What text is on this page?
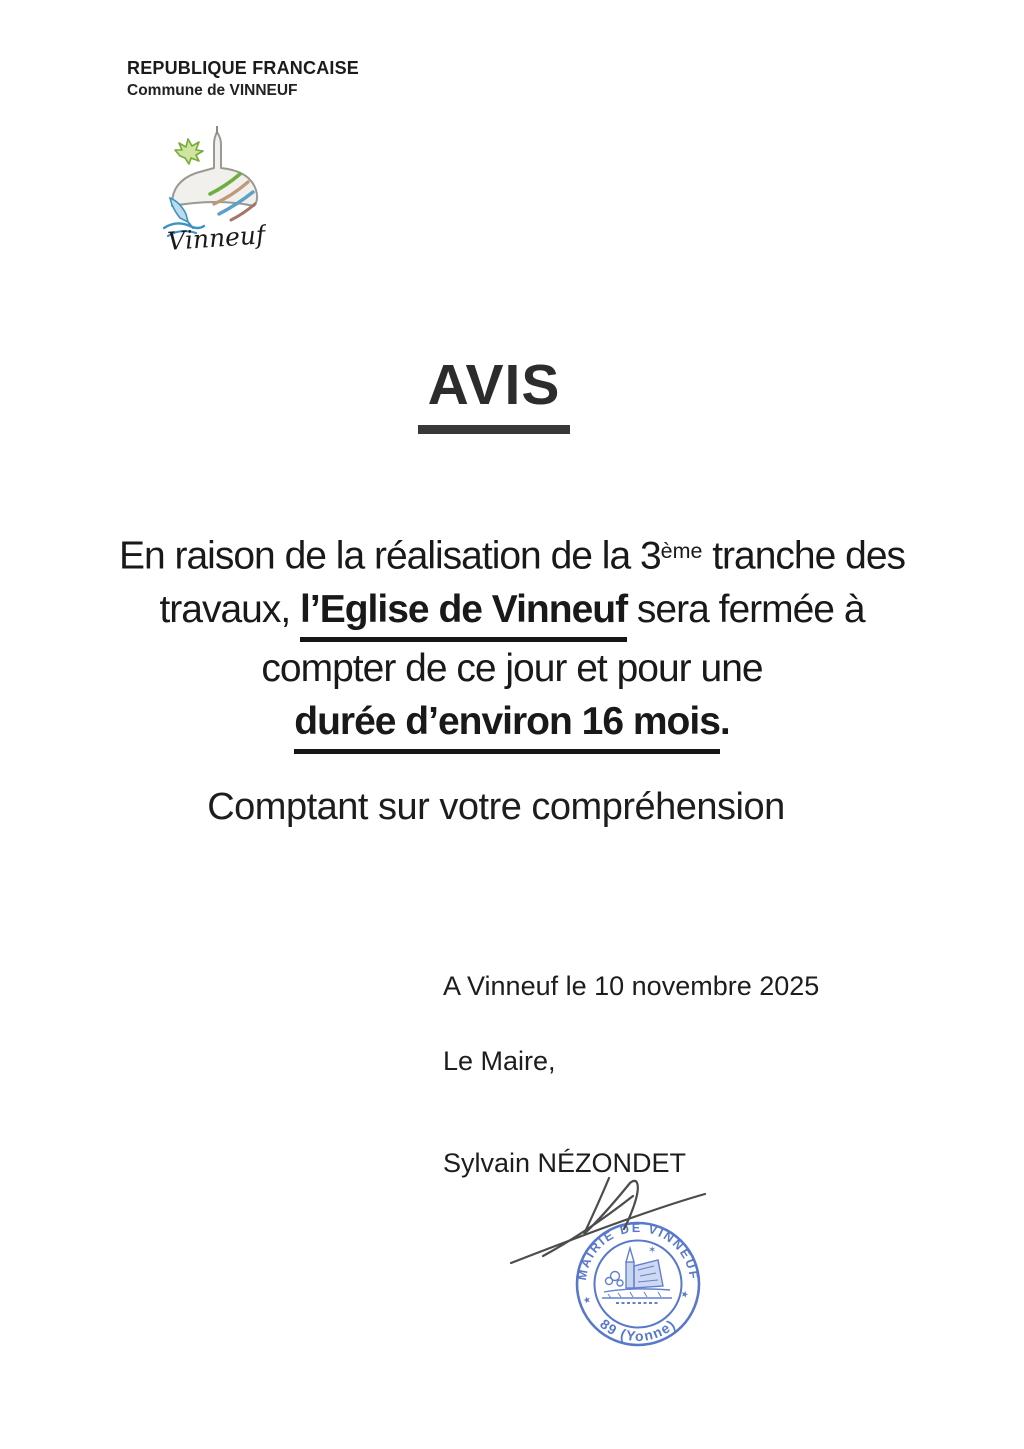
REPUBLIQUE FRANCAISE
Commune de VINNEUF
Vinneuf
AVIS
En raison de la réalisation de la 3ème tranche des
travaux, l’Eglise de Vinneuf sera fermée à
compter de ce jour et pour une
durée d’environ 16 mois.
Comptant sur votre compréhension
A Vinneuf le 10 novembre 2025
Le Maire,
Sylvain NÉZONDET
MAIRIE DE VINNEUF
89 (Yonne)
★	★
✶
